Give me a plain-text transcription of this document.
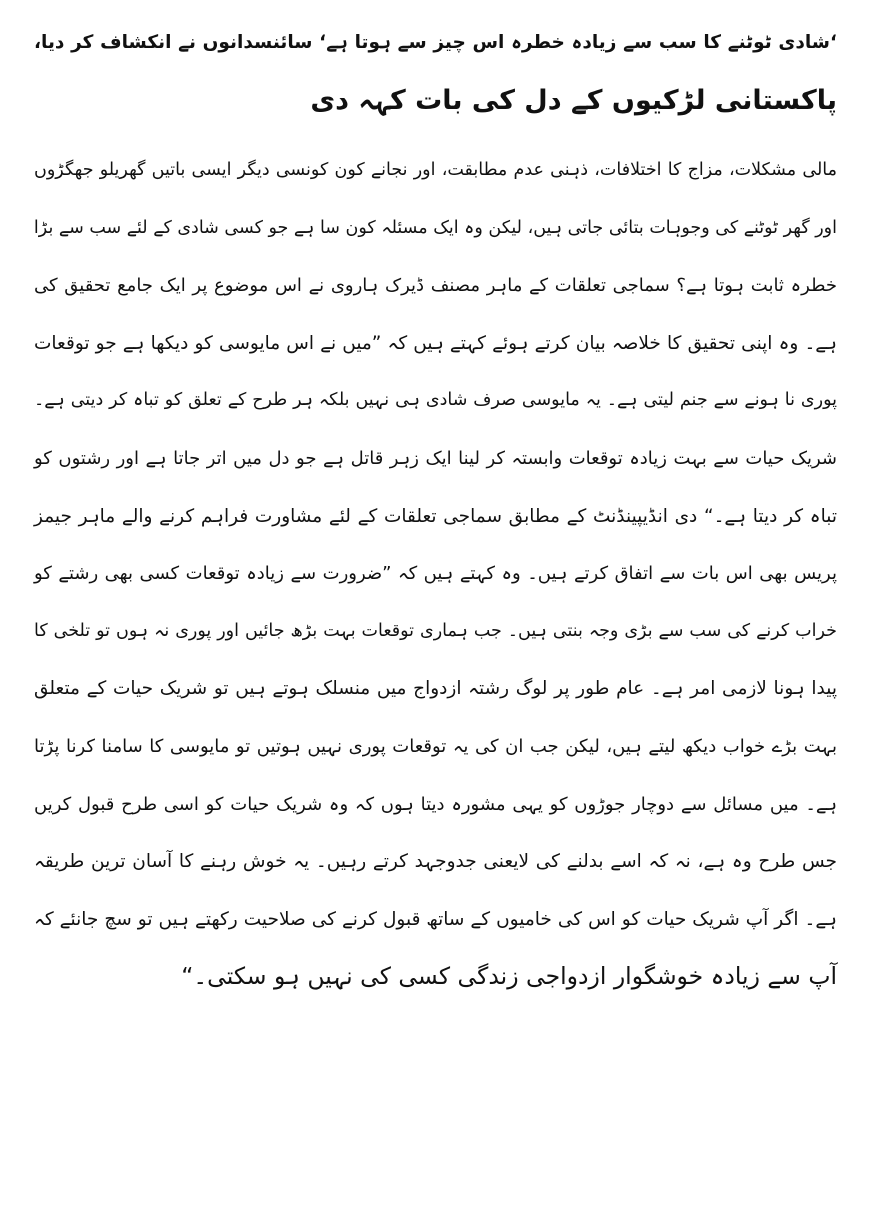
‘شادی ٹوٹنے کا سب سے زیادہ خطرہ اس چیز سے ہوتا ہے‘ سائنسدانوں نے انکشاف کر دیا،
پاکستانی لڑکیوں کے دل کی بات کہہ دی
مالی مشکلات، مزاج کا اختلافات، ذہنی عدم مطابقت، اور نجانے کون کونسی دیگر ایسی باتیں گھریلو جھگڑوں
اور گھر ٹوٹنے کی وجوہات بتائی جاتی ہیں، لیکن وہ ایک مسئلہ کون سا ہے جو کسی شادی کے لئے سب سے بڑا
خطرہ ثابت ہوتا ہے؟ سماجی تعلقات کے ماہر مصنف ڈیرک ہاروی نے اس موضوع پر ایک جامع تحقیق کی
ہے۔ وہ اپنی تحقیق کا خلاصہ بیان کرتے ہوئے کہتے ہیں کہ ”میں نے اس مایوسی کو دیکھا ہے جو توقعات
پوری نا ہونے سے جنم لیتی ہے۔ یہ مایوسی صرف شادی ہی نہیں بلکہ ہر طرح کے تعلق کو تباہ کر دیتی ہے۔
شریک حیات سے بہت زیادہ توقعات وابستہ کر لینا ایک زہر قاتل ہے جو دل میں اتر جاتا ہے اور رشتوں کو
تباہ کر دیتا ہے۔“ دی انڈیپینڈنٹ کے مطابق سماجی تعلقات کے لئے مشاورت فراہم کرنے والے ماہر جیمز
پریس بھی اس بات سے اتفاق کرتے ہیں۔ وہ کہتے ہیں کہ ”ضرورت سے زیادہ توقعات کسی بھی رشتے کو
خراب کرنے کی سب سے بڑی وجہ بنتی ہیں۔ جب ہماری توقعات بہت بڑھ جائیں اور پوری نہ ہوں تو تلخی کا
پیدا ہونا لازمی امر ہے۔ عام طور پر لوگ رشتہ ازدواج میں منسلک ہوتے ہیں تو شریک حیات کے متعلق
بہت بڑے خواب دیکھ لیتے ہیں، لیکن جب ان کی یہ توقعات پوری نہیں ہوتیں تو مایوسی کا سامنا کرنا پڑتا
ہے۔ میں مسائل سے دوچار جوڑوں کو یہی مشورہ دیتا ہوں کہ وہ شریک حیات کو اسی طرح قبول کریں
جس طرح وہ ہے، نہ کہ اسے بدلنے کی لایعنی جدوجہد کرتے رہیں۔ یہ خوش رہنے کا آسان ترین طریقہ
ہے۔ اگر آپ شریک حیات کو اس کی خامیوں کے ساتھ قبول کرنے کی صلاحیت رکھتے ہیں تو سچ جانئے کہ
آپ سے زیادہ خوشگوار ازدواجی زندگی کسی کی نہیں ہو سکتی۔“
